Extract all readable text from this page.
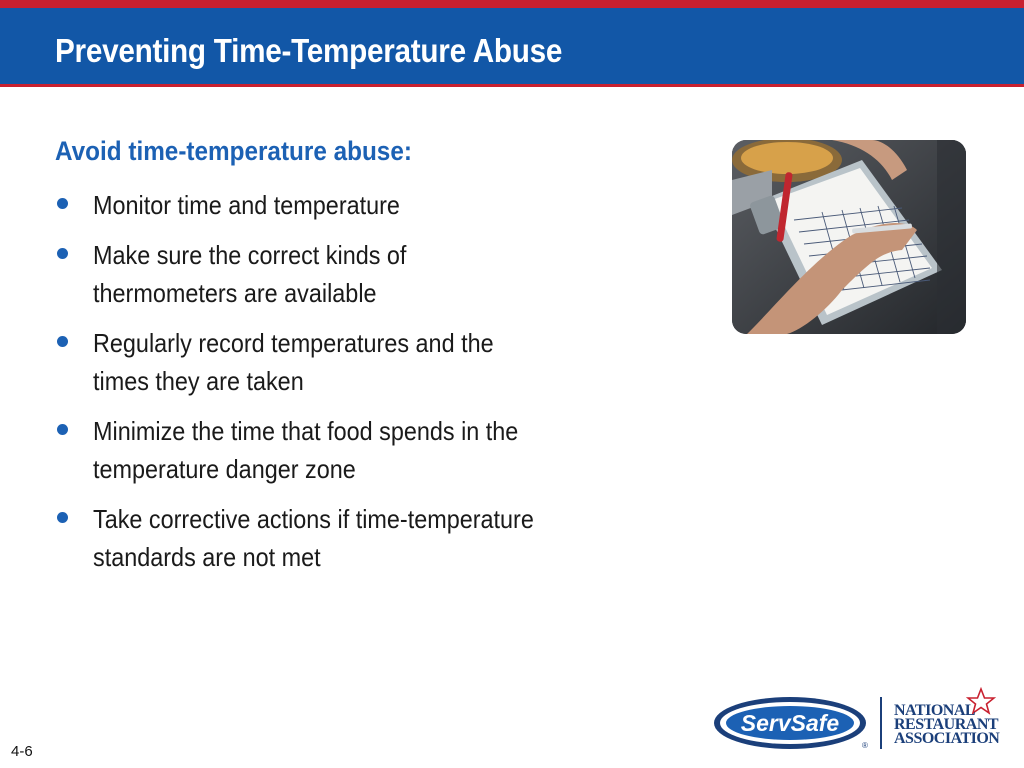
Preventing Time-Temperature Abuse
Avoid time-temperature abuse:
Monitor time and temperature
Make sure the correct kinds of thermometers are available
Regularly record temperatures and the times they are taken
Minimize the time that food spends in the temperature danger zone
Take corrective actions if time-temperature standards are not met
4-6
ServSafe
®
NATIONAL
RESTAURANT
ASSOCIATION
